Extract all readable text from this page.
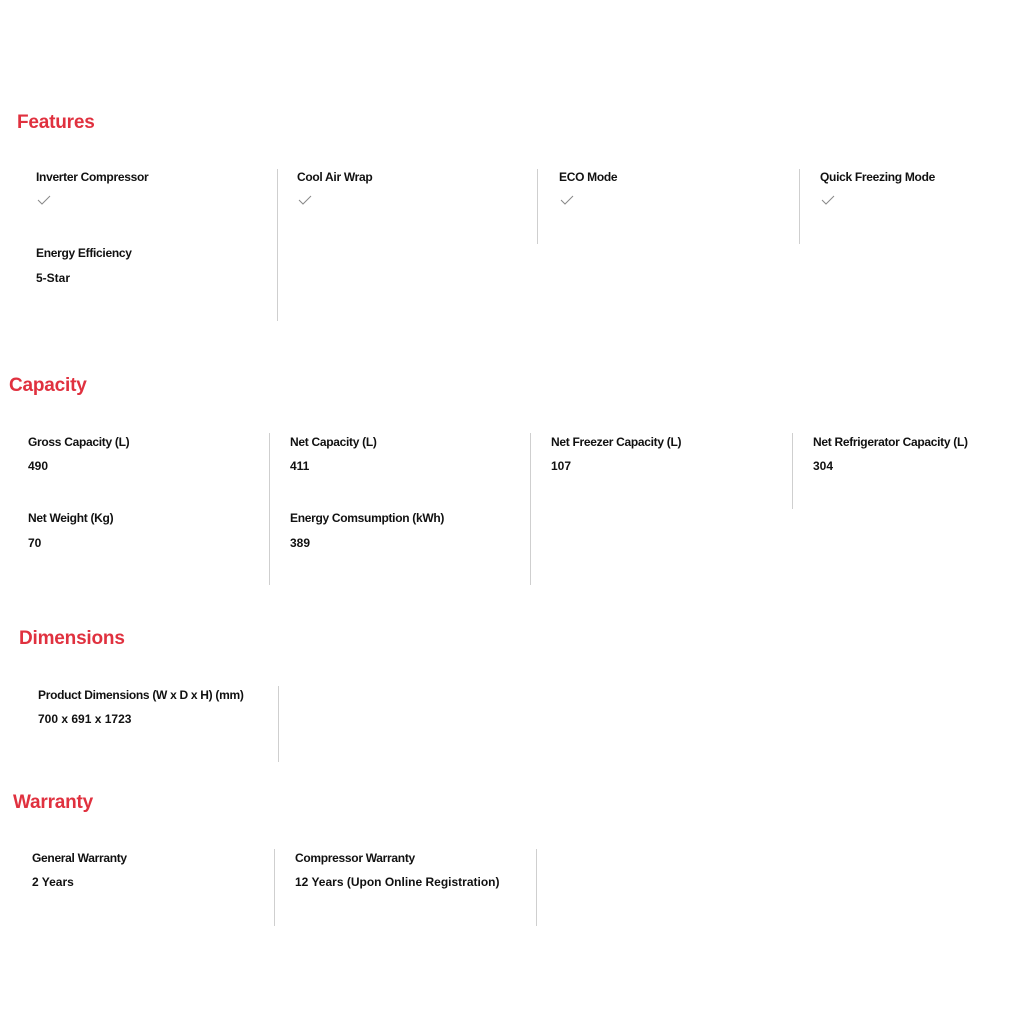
Features
Inverter Compressor	Cool Air Wrap	ECO Mode	Quick Freezing Mode
Energy Efficiency
5-Star
Capacity
Gross Capacity (L)
490
Net Capacity (L)
411
Net Freezer Capacity (L)
107
Net Refrigerator Capacity (L)
304
Net Weight (Kg)
70
Energy Comsumption (kWh)
389
Dimensions
Product Dimensions (W x D x H) (mm)
700 x 691 x 1723
Warranty
General Warranty
2 Years
Compressor Warranty
12 Years (Upon Online Registration)
